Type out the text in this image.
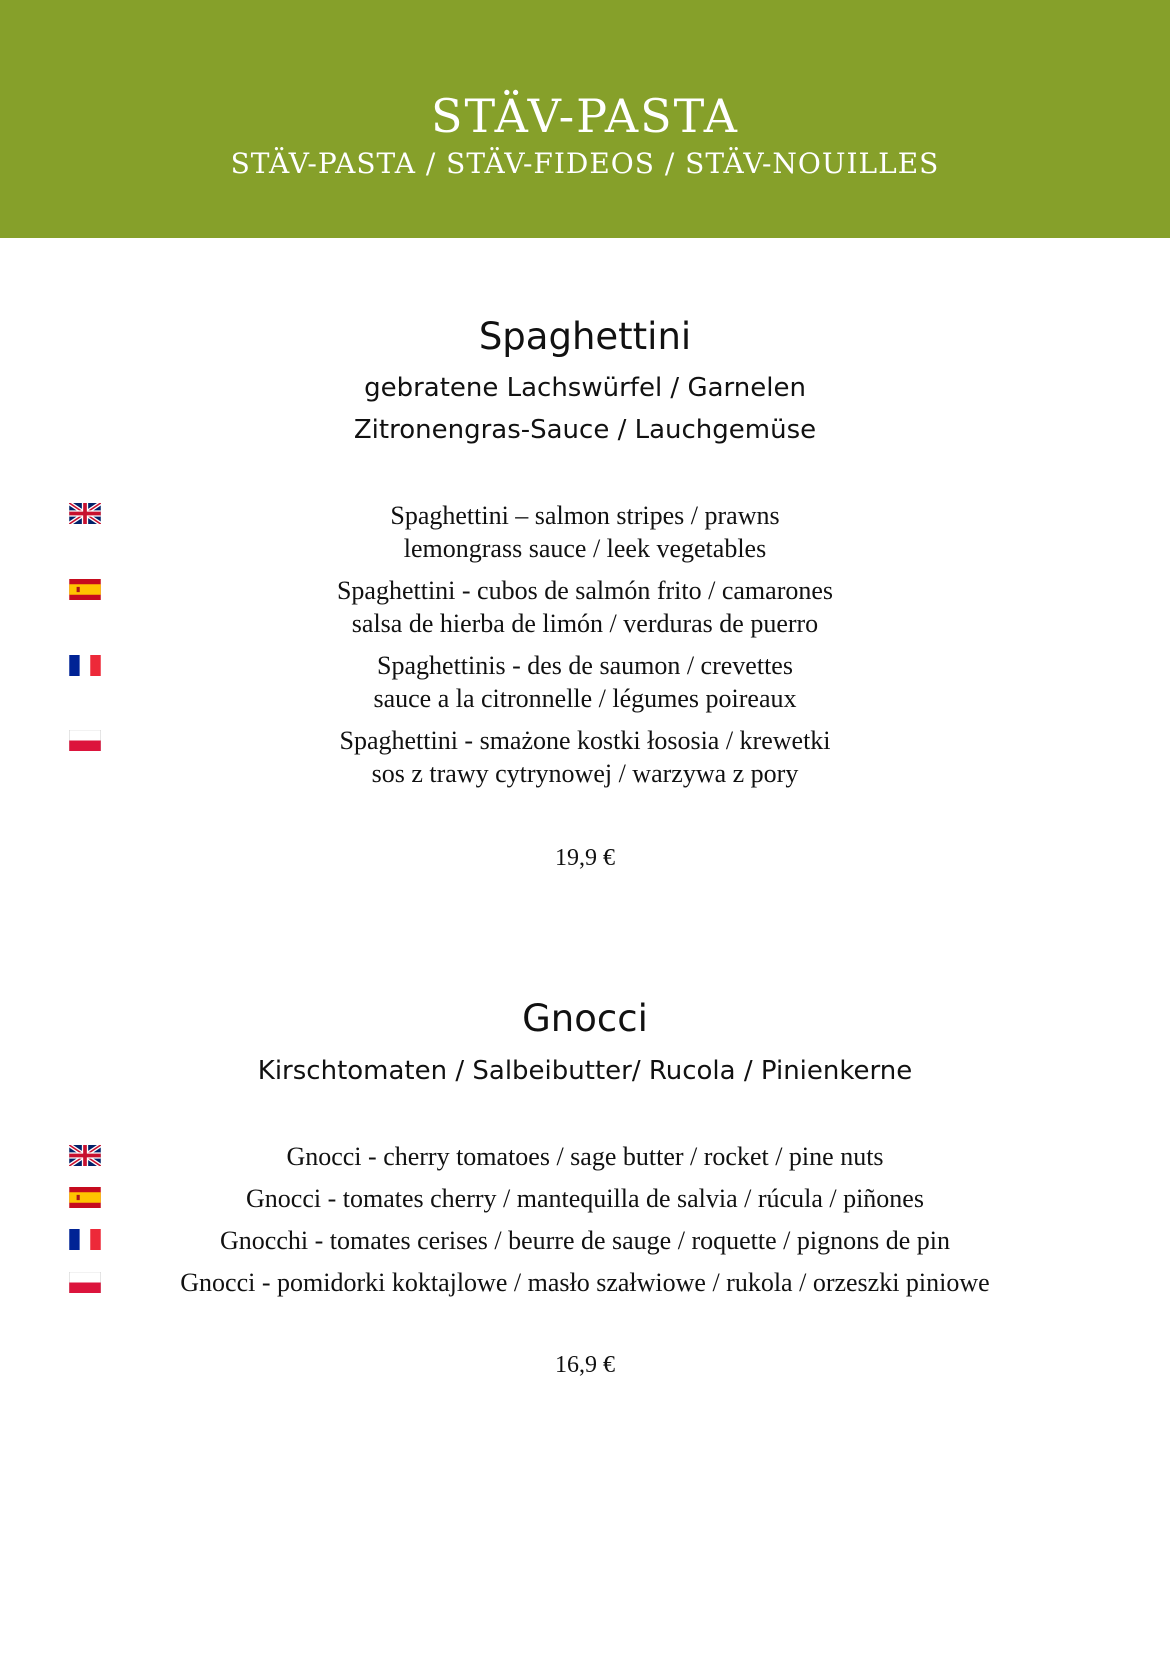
STÄV-PASTA
STÄV-PASTA / STÄV-FIDEOS / STÄV-NOUILLES
Spaghettini
gebratene Lachswürfel / Garnelen
Zitronengras-Sauce / Lauchgemüse
Spaghettini – salmon stripes / prawns
lemongrass sauce / leek vegetables
Spaghettini - cubos de salmón frito / camarones
salsa de hierba de limón / verduras de puerro
Spaghettinis - des de saumon / crevettes
sauce a la citronnelle / légumes poireaux
Spaghettini - smażone kostki łososia / krewetki
sos z trawy cytrynowej / warzywa z pory
19,9 €
Gnocci
Kirschtomaten / Salbeibutter/ Rucola / Pinienkerne
Gnocci - cherry tomatoes / sage butter / rocket / pine nuts
Gnocci - tomates cherry / mantequilla de salvia / rúcula / piñones
Gnocchi - tomates cerises / beurre de sauge / roquette / pignons de pin
Gnocci - pomidorki koktajlowe / masło szałwiowe / rukola / orzeszki piniowe
16,9 €
